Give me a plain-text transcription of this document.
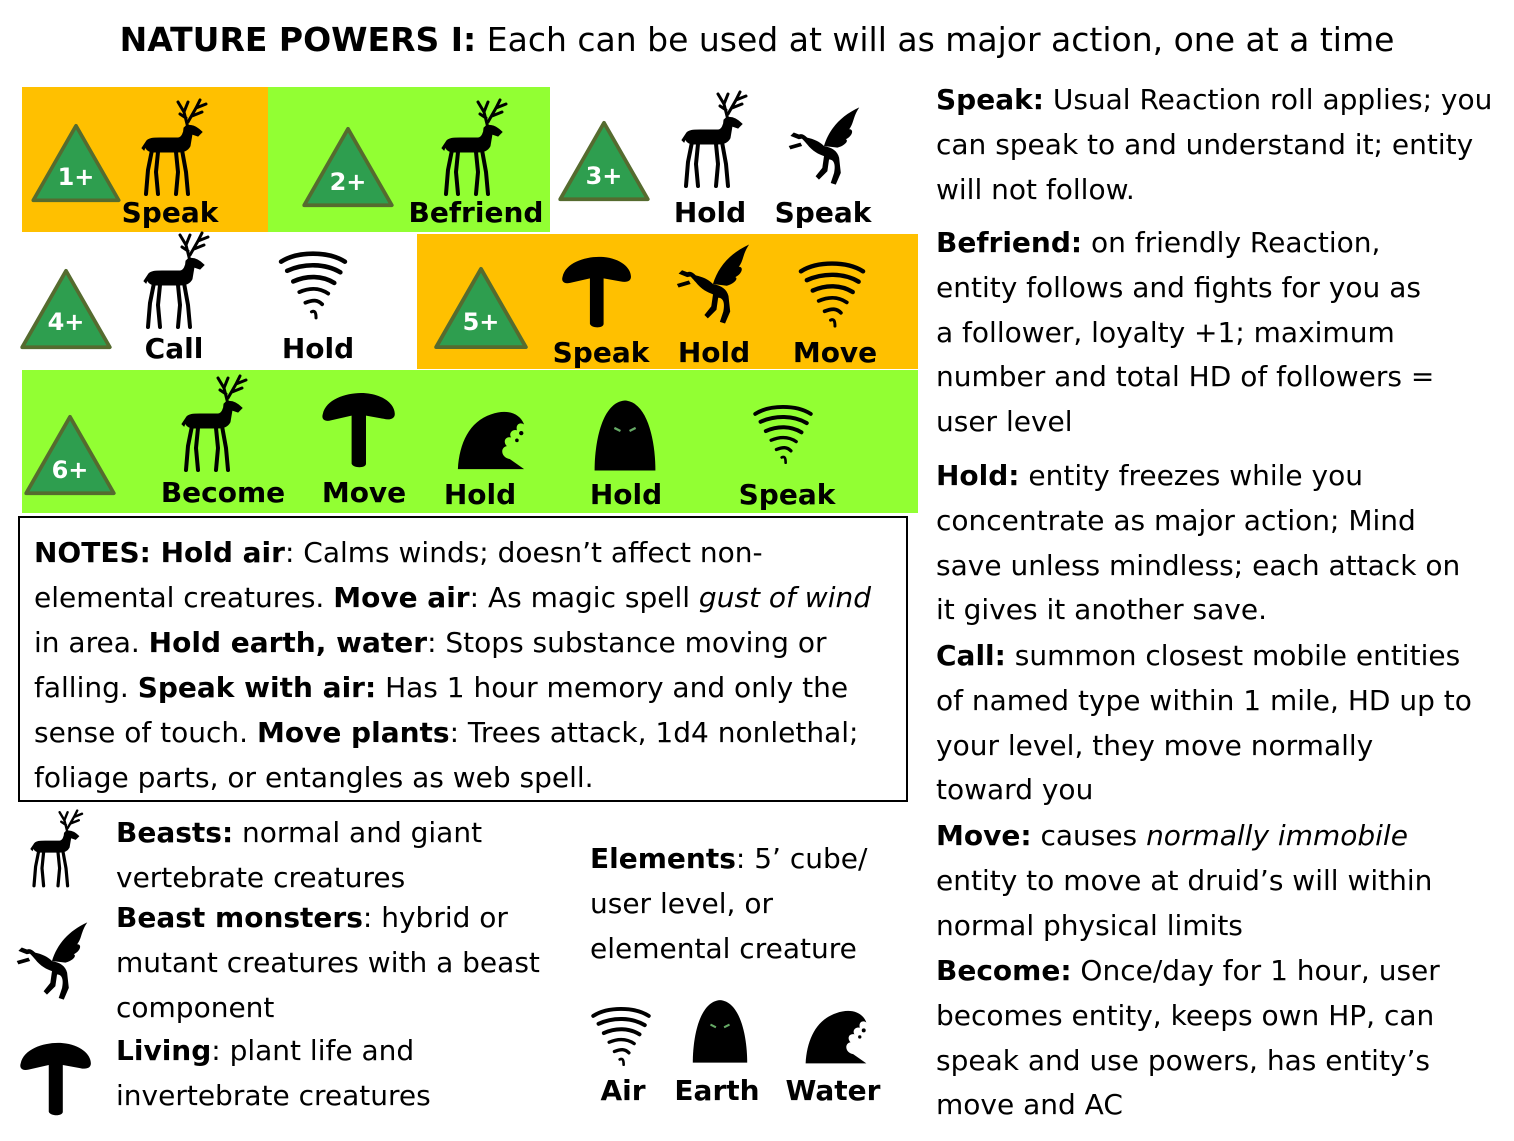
NATURE POWERS I: Each can be used at will as major action, one at a time
1+
Speak
2+
Befriend
3+
Hold	Speak
4+
Call	Hold
5+
Speak	Hold	Move
6+
Become	Move	Hold	Hold	Speak
NOTES: Hold air: Calms winds; doesn’t affect non-elemental creatures. Move air: As magic spell gust of wind in area. Hold earth, water: Stops substance moving or falling. Speak with air: Has 1 hour memory and only the sense of touch. Move plants: Trees attack, 1d4 nonlethal; foliage parts, or entangles as web spell.
Beasts: normal and giant vertebrate creatures
Beast monsters: hybrid or mutant creatures with a beast component
Living: plant life and invertebrate creatures
Elements: 5’ cube/ user level, or elemental creature
Air	Earth Water
Speak: Usual Reaction roll applies; you can speak to and understand it; entity will not follow.
Befriend: on friendly Reaction, entity follows and fights for you as a follower, loyalty +1; maximum number and total HD of followers = user level
Hold: entity freezes while you concentrate as major action; Mind save unless mindless; each attack on it gives it another save.
Call: summon closest mobile entities of named type within 1 mile, HD up to your level, they move normally toward you
Move: causes normally immobile entity to move at druid’s will within normal physical limits
Become: Once/day for 1 hour, user becomes entity, keeps own HP, can speak and use powers, has entity’s move and AC
